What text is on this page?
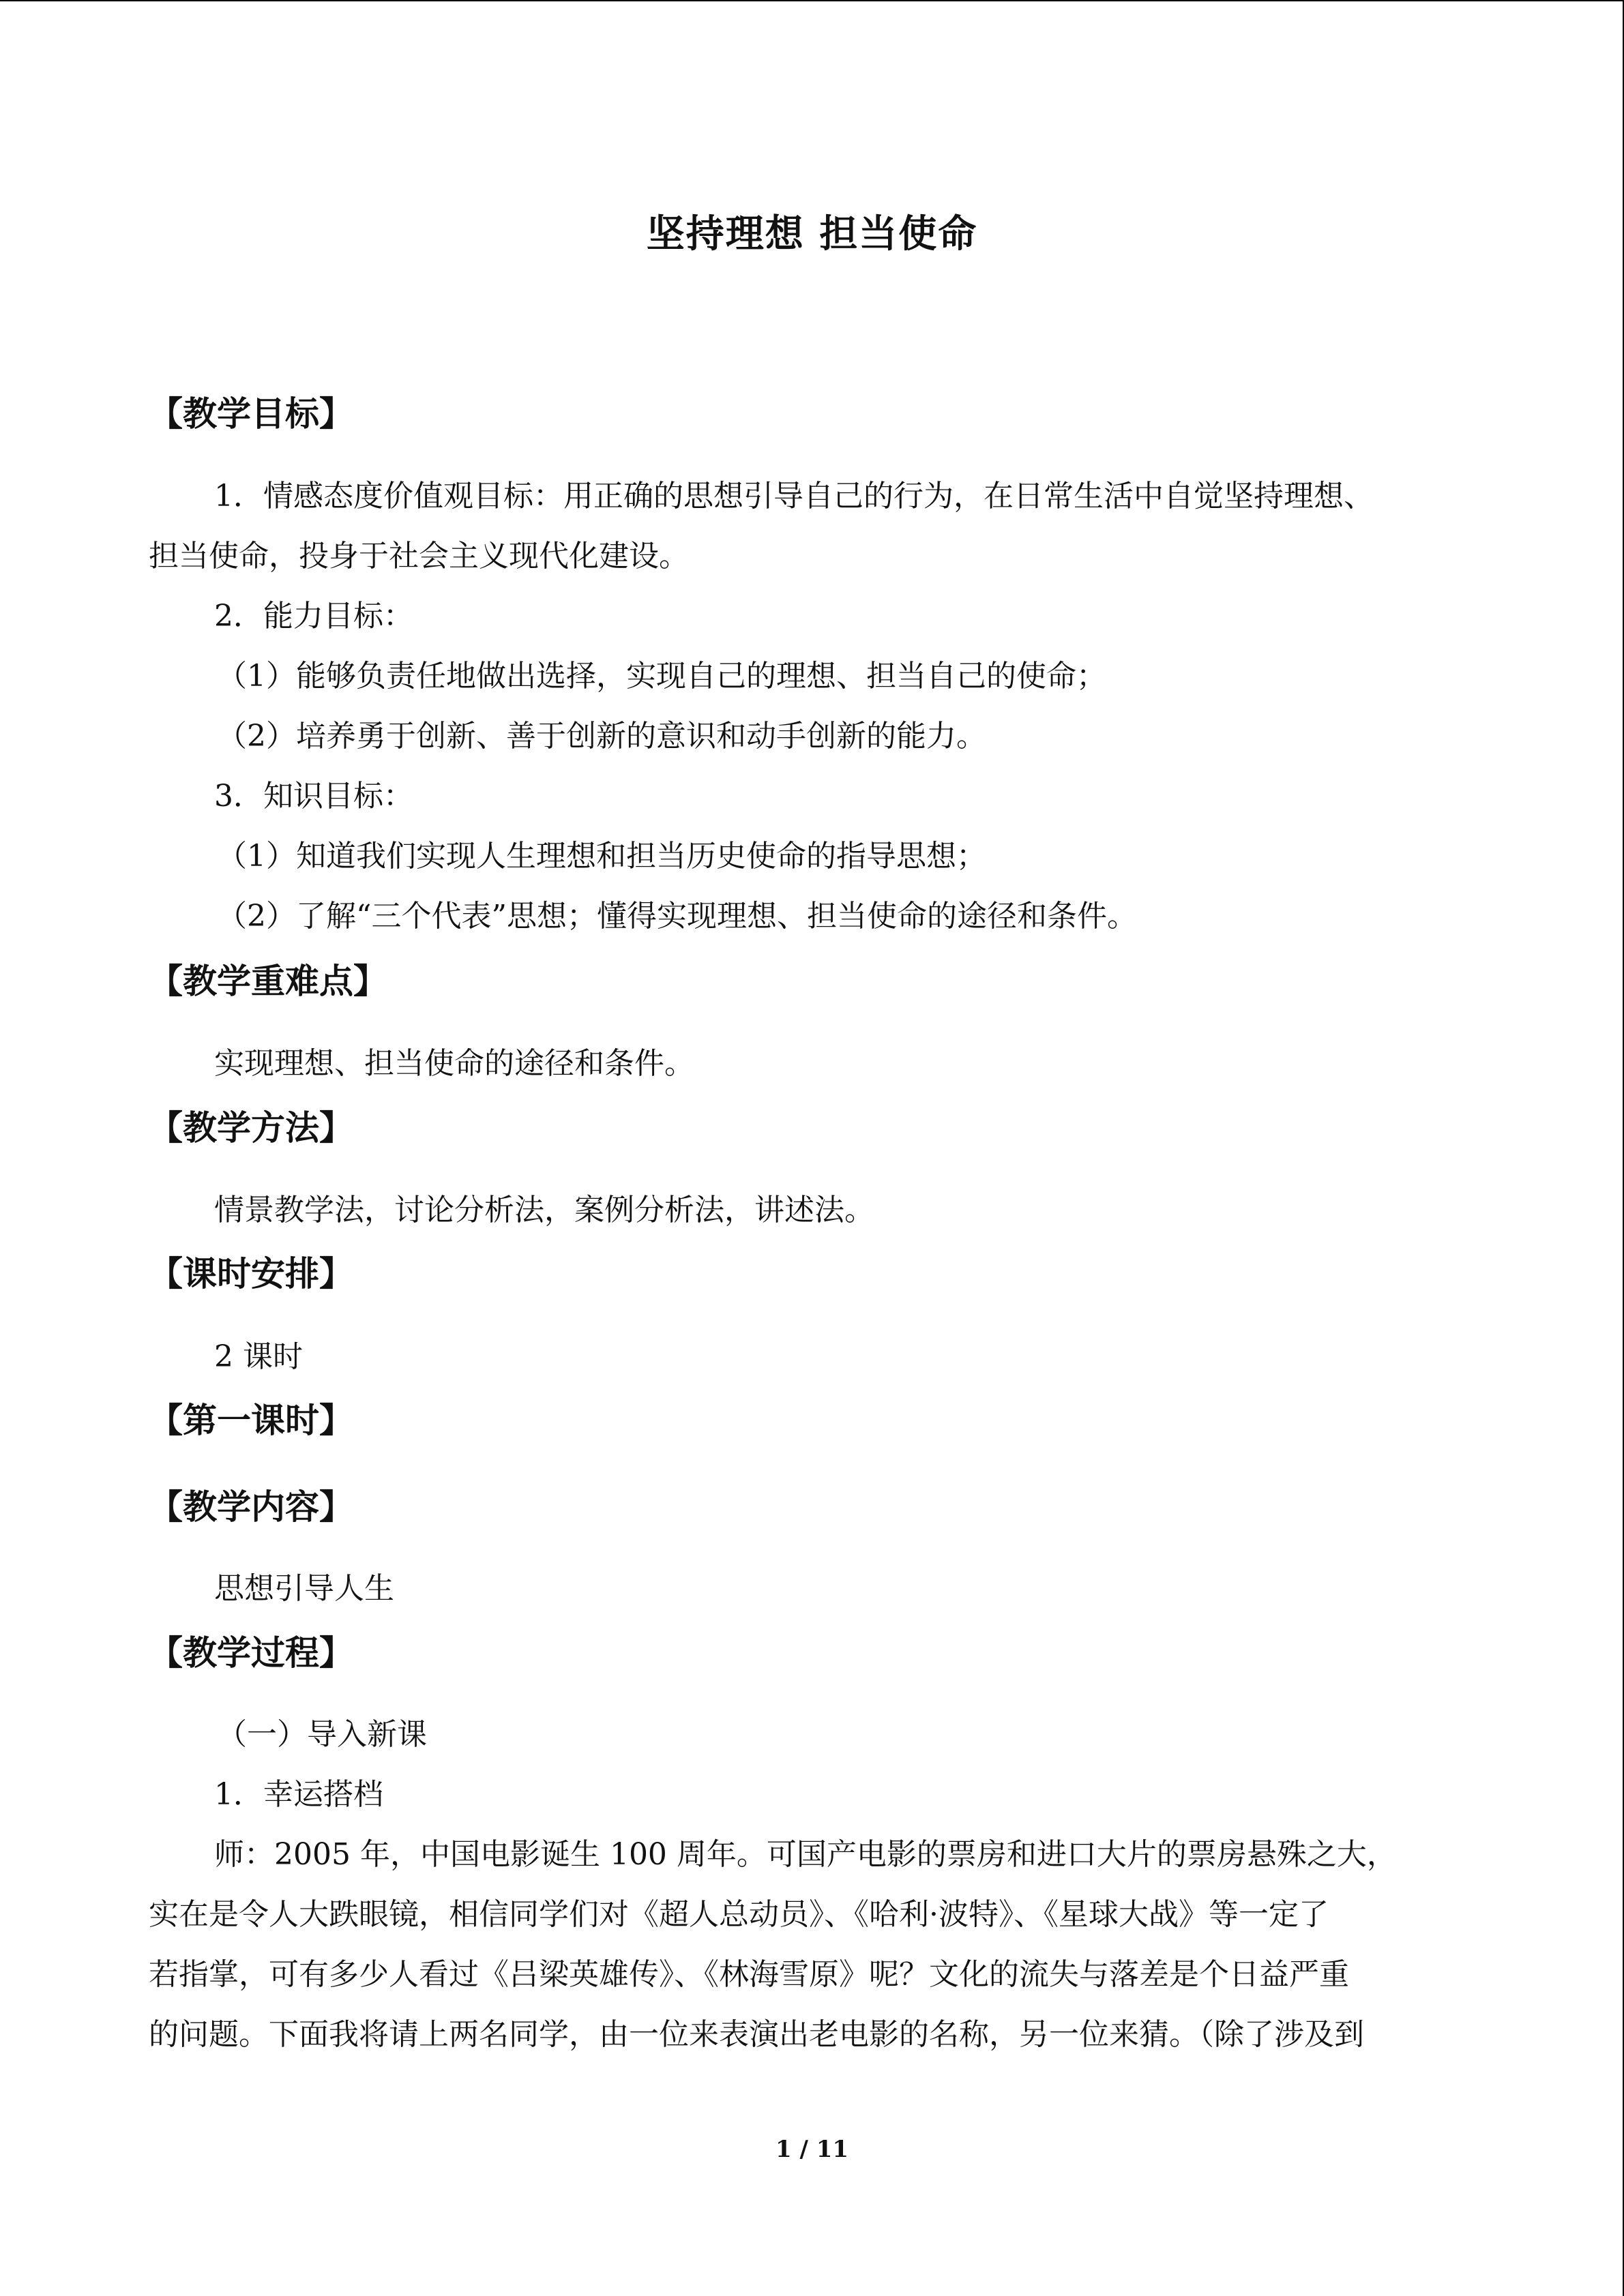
坚持理想 担当使命
【教学目标】
1．情感态度价值观目标：用正确的思想引导自己的行为，在日常生活中自觉坚持理想、
担当使命，投身于社会主义现代化建设。
2．能力目标：
（1）能够负责任地做出选择，实现自己的理想、担当自己的使命；
（2）培养勇于创新、善于创新的意识和动手创新的能力。
3．知识目标：
（1）知道我们实现人生理想和担当历史使命的指导思想；
（2）了解“三个代表”思想；懂得实现理想、担当使命的途径和条件。
【教学重难点】
实现理想、担当使命的途径和条件。
【教学方法】
情景教学法，讨论分析法，案例分析法，讲述法。
【课时安排】
2 课时
【第一课时】
【教学内容】
思想引导人生
【教学过程】
（一）导入新课
1．幸运搭档
师：2005 年，中国电影诞生 100 周年。可国产电影的票房和进口大片的票房悬殊之大，
实在是令人大跌眼镜，相信同学们对《超人总动员》、《哈利·波特》、《星球大战》等一定了
若指掌，可有多少人看过《吕梁英雄传》、《林海雪原》呢？文化的流失与落差是个日益严重
的问题。下面我将请上两名同学，由一位来表演出老电影的名称，另一位来猜。（除了涉及到
1 / 11
